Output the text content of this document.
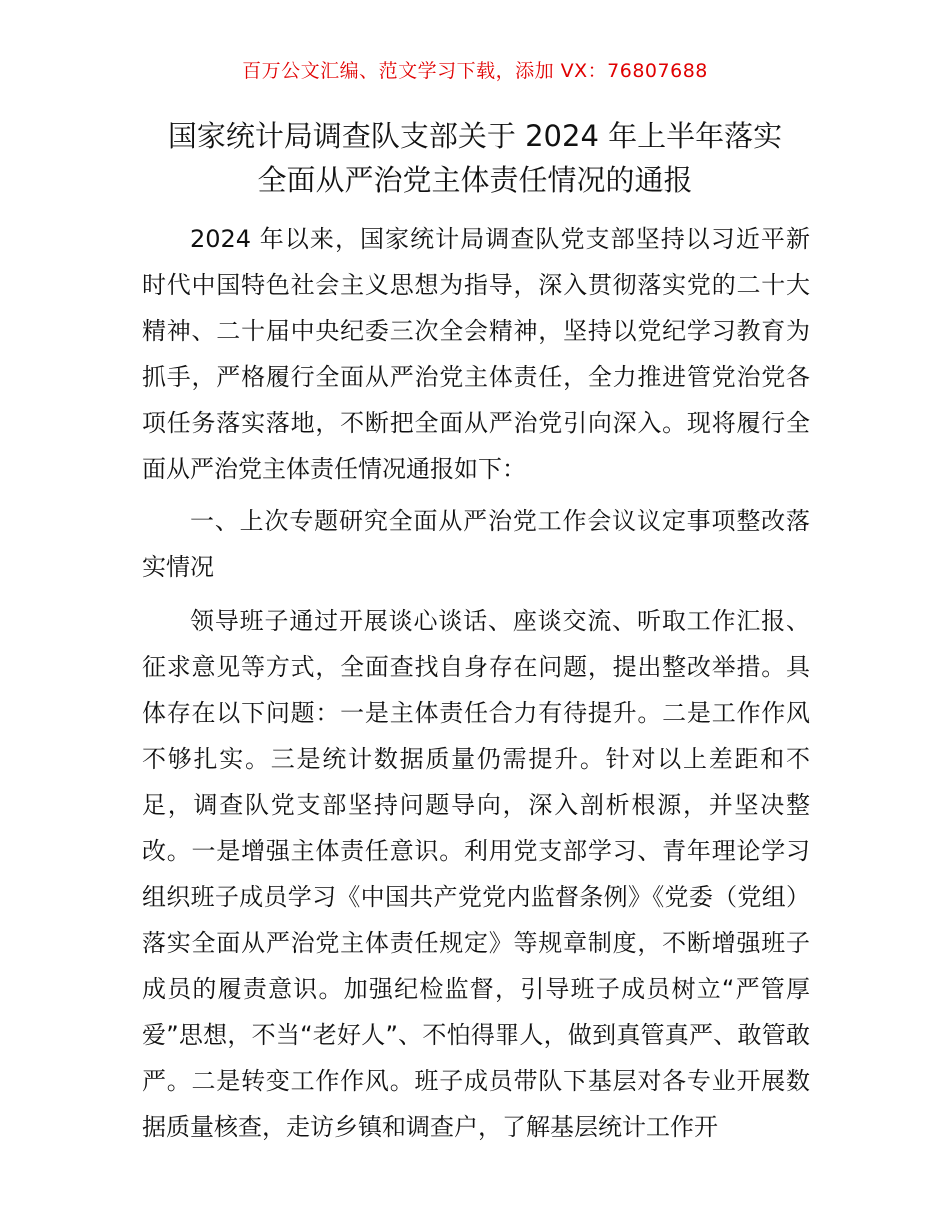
百万公文汇编、范文学习下载，添加 VX：76807688
国家统计局调查队支部关于 2024 年上半年落实
全面从严治党主体责任情况的通报

2024 年以来，国家统计局调查队党支部坚持以习近平新时代中国特色社会主义思想为指导，深入贯彻落实党的二十大精神、二十届中央纪委三次全会精神，坚持以党纪学习教育为抓手，严格履行全面从严治党主体责任，全力推进管党治党各项任务落实落地，不断把全面从严治党引向深入。现将履行全面从严治党主体责任情况通报如下：

一、上次专题研究全面从严治党工作会议议定事项整改落实情况

领导班子通过开展谈心谈话、座谈交流、听取工作汇报、征求意见等方式，全面查找自身存在问题，提出整改举措。具体存在以下问题：一是主体责任合力有待提升。二是工作作风不够扎实。三是统计数据质量仍需提升。针对以上差距和不足，调查队党支部坚持问题导向，深入剖析根源，并坚决整改。一是增强主体责任意识。利用党支部学习、青年理论学习组织班子成员学习《中国共产党党内监督条例》《党委（党组）落实全面从严治党主体责任规定》等规章制度，不断增强班子成员的履责意识。加强纪检监督，引导班子成员树立“严管厚爱”思想，不当“老好人”、不怕得罪人，做到真管真严、敢管敢严。二是转变工作作风。班子成员带队下基层对各专业开展数据质量核查，走访乡镇和调查户，了解基层统计工作开
